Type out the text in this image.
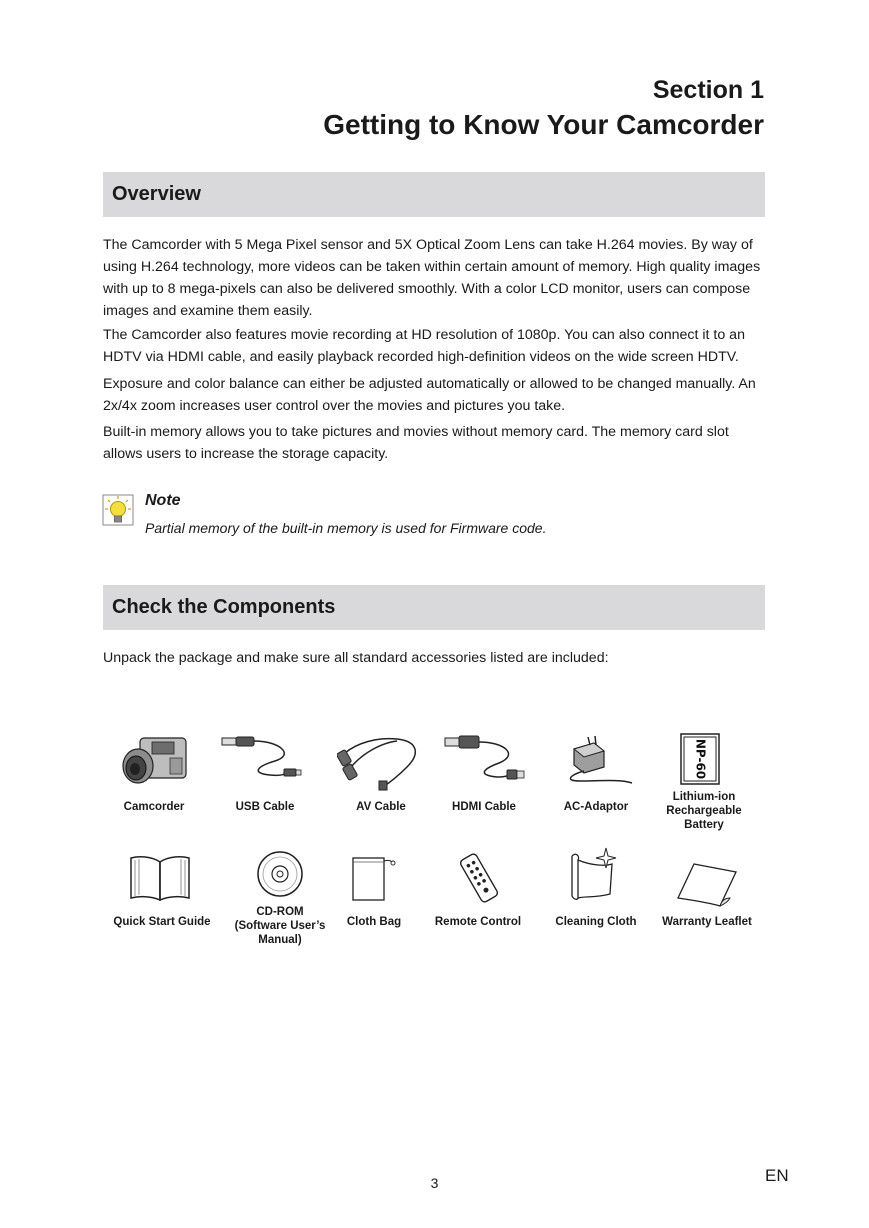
Section 1
Getting to Know Your Camcorder
Overview
The Camcorder with 5 Mega Pixel sensor and 5X Optical Zoom Lens can take H.264 movies. By way of using H.264 technology, more videos can be taken within certain amount of memory. High quality images with up to 8 mega-pixels can also be delivered smoothly. With a color LCD monitor, users can compose images and examine them easily.
The Camcorder also features movie recording at HD resolution of 1080p. You can also connect it to an HDTV via HDMI cable, and easily playback recorded high-definition videos on the wide screen HDTV.
Exposure and color balance can either be adjusted automatically or allowed to be changed manually. An 2x/4x zoom increases user control over the movies and pictures you take.
Built-in memory allows you to take pictures and movies without memory card. The memory card slot allows users to increase the storage capacity.
Note
Partial memory of the built-in memory is used for Firmware code.
Check the Components
Unpack the package and make sure all standard accessories listed are included:
NP-60
Camcorder	USB Cable	AV Cable	HDMI Cable	AC-Adaptor
Lithium-ion
Rechargeable
Battery
Quick Start Guide
CD-ROM
(Software User’s
Manual)
Cloth Bag	Remote Control	Cleaning Cloth	Warranty Leaflet
3	EN
